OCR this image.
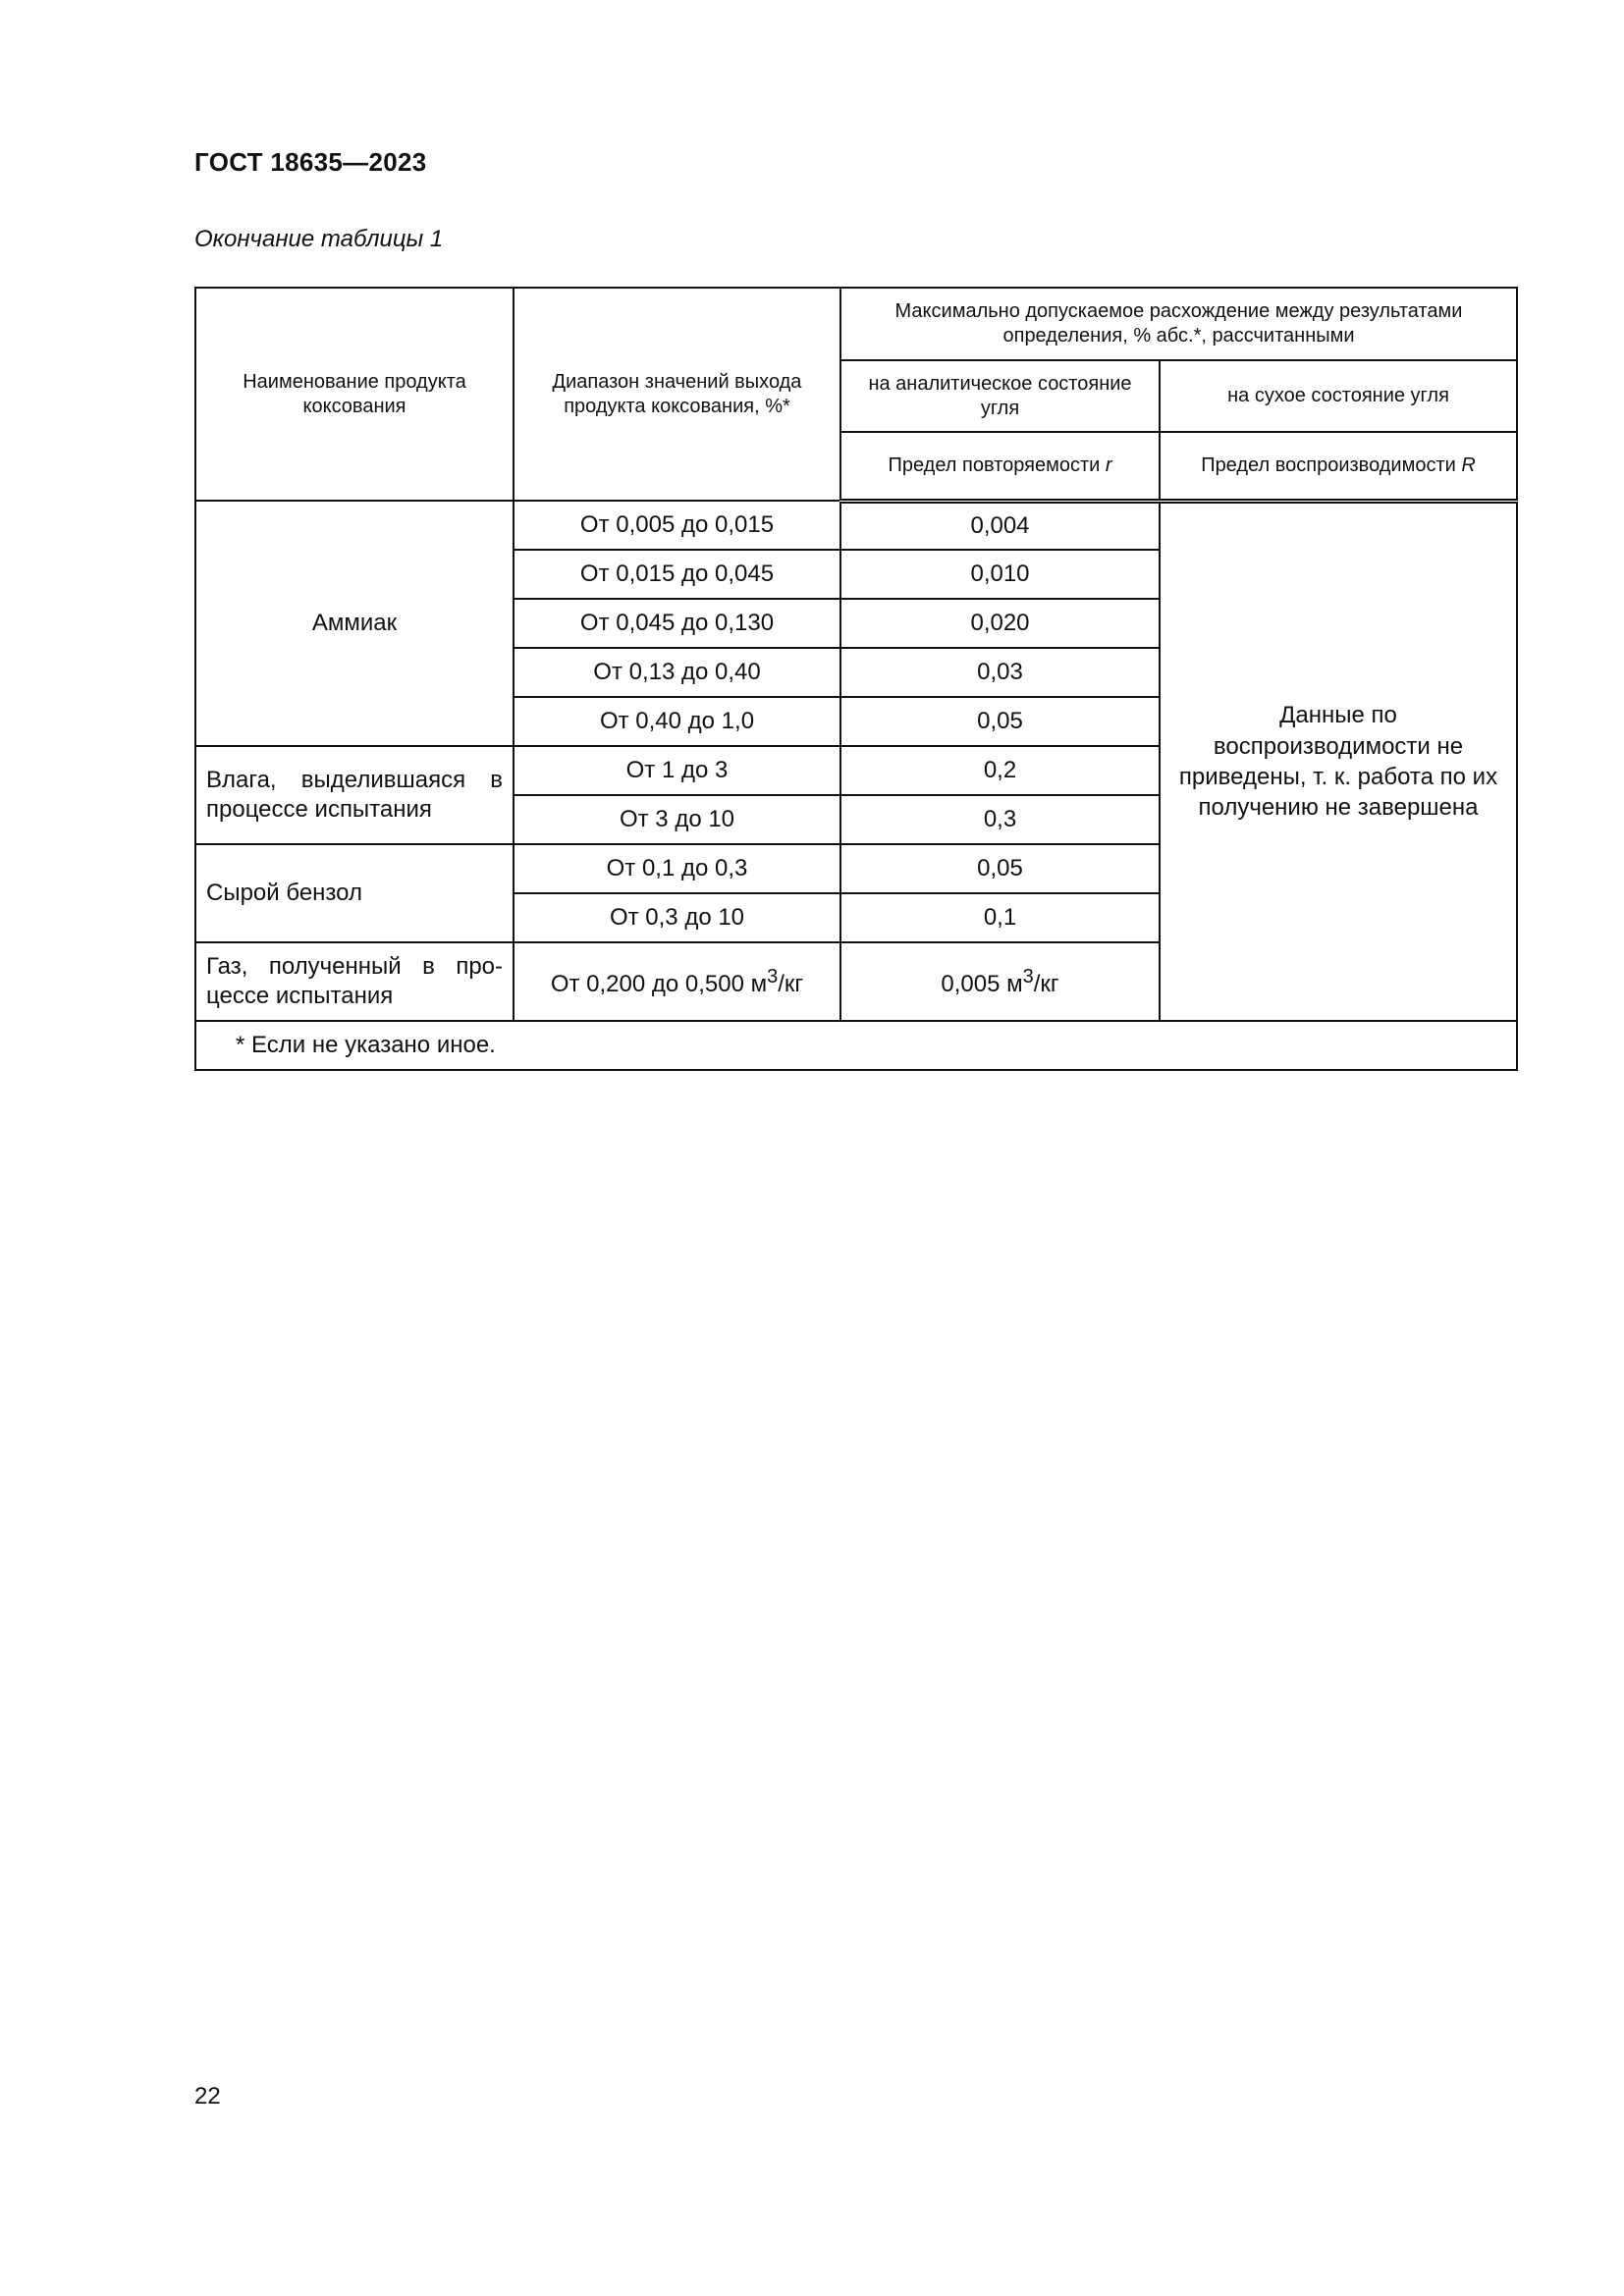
ГОСТ 18635—2023
Окончание таблицы 1
Наименование продукта коксования	Диапазон значений выхода продукта коксования, %*	Максимально допускаемое расхождение между результатами определения, % абс.*, рассчитанными	
		на аналитическое состояние угля	на сухое состояние угля
		Предел повторяемости r	Предел воспроизводимости R
Аммиак	От 0,005 до 0,015	0,004	Данные по воспроизводимости не приведены, т. к. работа по их получению не завершена
	От 0,015 до 0,045	0,010	
	От 0,045 до 0,130	0,020	
	От 0,13 до 0,40	0,03	
	От 0,40 до 1,0	0,05	
Влага, выделившаяся в процессе испытания	От 1 до 3	0,2	
	От 3 до 10	0,3	
Сырой бензол	От 0,1 до 0,3	0,05	
	От 0,3 до 10	0,1	
Газ, полученный в про-цессе испытания	От 0,200 до 0,500 $м^3/кг$	0,005 $м^3/кг$	
* Если не указано иное.			
22
